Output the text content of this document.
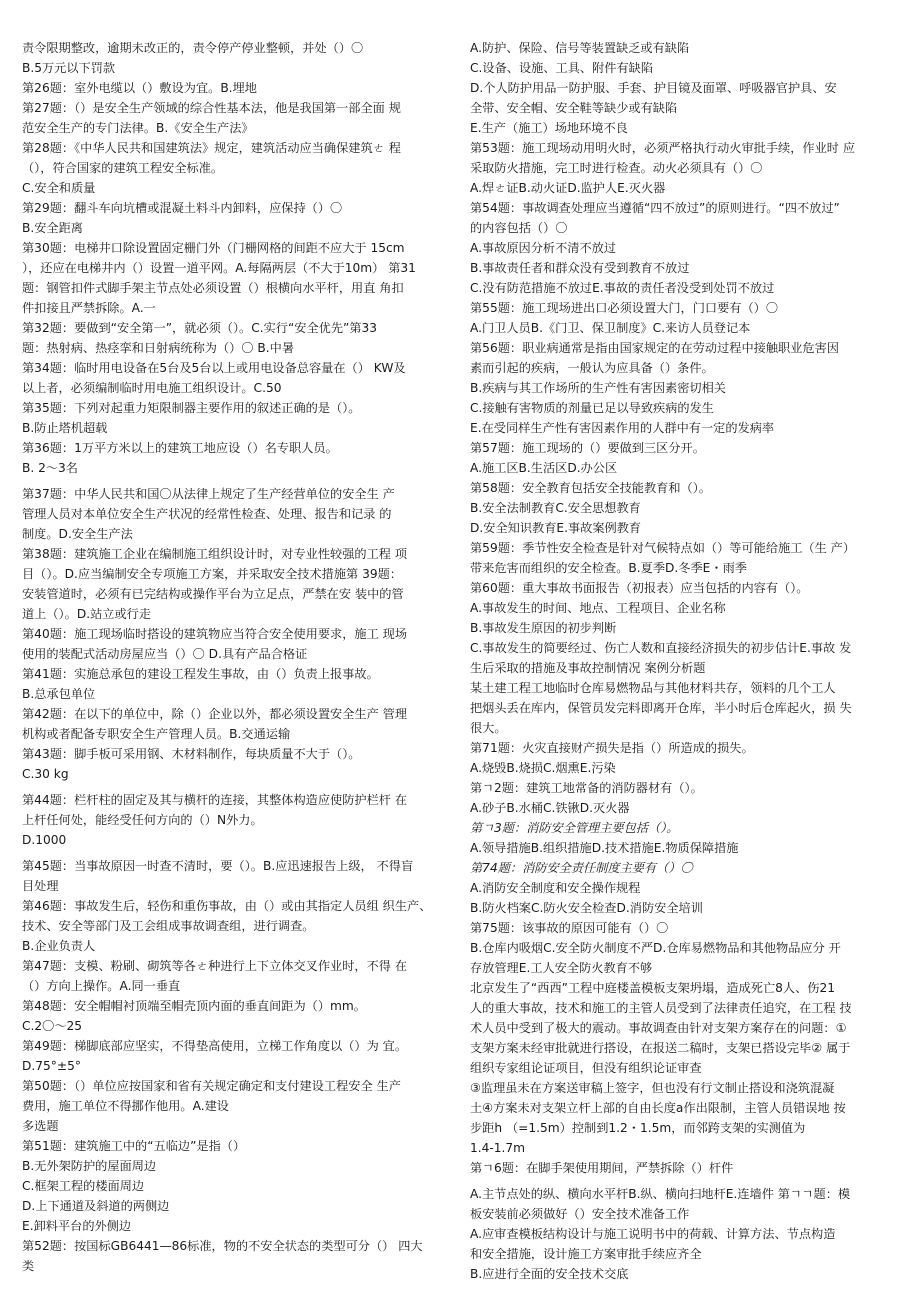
责令限期整改，逾期未改正的，责令停产停业整顿，并处（）〇
B.5万元以下罚款
第26题：室外电缆以（）敷设为宜。B.埋地
第27题：（）是安全生产领域的综合性基本法，他是我国第一部全面 规
范安全生产的专门法律。B.《安全生产法》
第28题：《中华人民共和国建筑法》规定，建筑活动应当确保建筑ㄜ 程
（），符合国家的建筑工程安全标准。
C.安全和质量
第29题：翻斗车向坑槽或混凝土料斗内卸料，应保持（）〇
B.安全距离
第30题：电梯井口除设置固定栅门外（门栅网格的间距不应大于 15cm
），还应在电梯井内（）设置一道平网。A.每隔两层（不大于10m） 第31
题：钢管扣件式脚手架主节点处必须设置（）根横向水平杆，用直 角扣
件扣接且严禁拆除。A.一
第32题：要做到“安全第一”，就必须（）。C.实行“安全优先”第33
题：热射病、热痉挛和日射病统称为（）〇 B.中暑
第34题：临时用电设备在5台及5台以上或用电设备总容量在（） KW及
以上者，必须编制临时用电施工组织设计。C.50
第35题：下列对起重力矩限制器主要作用的叙述正确的是（）。
B.防止塔机超载
第36题：1万平方米以上的建筑工地应设（）名专职人员。
B. 2～3名
第37题：中华人民共和国〇从法律上规定了生产经营单位的安全生 产
管理人员对本单位安全生产状况的经常性检查、处理、报告和记录 的
制度。D.安全生产法
第38题：建筑施工企业在编制施工组织设计时，对专业性较强的工程 项
目（）。D.应当编制安全专项施工方案，并采取安全技术措施第 39题：
安装管道时，必须有已完结构或操作平台为立足点，严禁在安 装中的管
道上（）。D.站立或行走
第40题：施工现场临时搭设的建筑物应当符合安全使用要求，施工 现场
使用的装配式活动房屋应当（）〇 D.具有产品合格证
第41题：实施总承包的建设工程发生事故，由（）负责上报事故。
B.总承包单位
第42题：在以下的单位中，除（）企业以外，都必须设置安全生产 管理
机构或者配备专职安全生产管理人员。B.交通运输
第43题：脚手板可采用钢、木材料制作，每块质量不大于（）。
C.30 kg
第44题：栏杆柱的固定及其与横杆的连接，其整体构造应使防护栏杆 在
上杆任何处，能经受任何方向的（）N外力。
D.1000
第45题：当事故原因一时查不清时，要（）。B.应迅速报告上级， 不得盲
目处理
第46题：事故发生后，轻伤和重伤事故，由（）或由其指定人员组 织生产、
技术、安全等部门及工会组成事故调查组，进行调查。
B.企业负责人
第47题：支模、粉刷、砌筑等各ㄜ种进行上下立体交叉作业时，不得 在
（）方向上操作。A.同一垂直
第48题：安全帽帽衬顶端至帽壳顶内面的垂直间距为（）mm。
C.2〇～25
第49题：梯脚底部应坚实，不得垫高使用，立梯工作角度以（）为 宜。
D.75°±5°
第50题：（）单位应按国家和省有关规定确定和支付建设工程安全 生产
费用，施工单位不得挪作他用。A.建设
多选题
第51题：建筑施工中的“五临边”是指（）
B.无外架防护的屋面周边
C.框架工程的楼面周边
D.上下通道及斜道的两侧边
E.卸料平台的外侧边
第52题：按国标GB6441—86标准，物的不安全状态的类型可分（） 四大
类
A.防护、保险、信号等装置缺乏或有缺陷
C.设备、设施、工具、附件有缺陷
D.个人防护用品一防护服、手套、护目镜及面罩、呼吸器官护具、安
全带、安全帽、安全鞋等缺少或有缺陷
E.生产（施工）场地环境不良
第53题：施工现场动用明火时，必须严格执行动火审批手续，作业时 应
采取防火措施，完工时进行检查。动火必须具有（）〇
A.焊ㄜ证B.动火证D.监护人E.灭火器
第54题：事故调查处理应当遵循“四不放过”的原则进行。“四不放过”
的内容包括（）〇
A.事故原因分析不清不放过
B.事故责任者和群众没有受到教育不放过
C.没有防范措施不放过E.事故的责任者没受到处罚不放过
第55题：施工现场进出口必须设置大门，门口要有（）〇
A.门卫人员B.《门卫、保卫制度》C.来访人员登记本
第56题：职业病通常是指由国家规定的在劳动过程中接触职业危害因
素而引起的疾病，一般认为应具备（）条件。
B.疾病与其工作场所的生产性有害因素密切相关
C.接触有害物质的剂量已足以导致疾病的发生
E.在受同样生产性有害因素作用的人群中有一定的发病率
第57题：施工现场的（）要做到三区分开。
A.施工区B.生活区D.办公区
第58题：安全教育包括安全技能教育和（）。
B.安全法制教育C.安全思想教育
D.安全知识教育E.事故案例教育
第59题：季节性安全检查是针对气候特点如（）等可能给施工（生 产）
带来危害而组织的安全检查。B.夏季D.冬季E・雨季
第60题：重大事故书面报告（初报表）应当包括的内容有（）。
A.事故发生的时间、地点、工程项目、企业名称
B.事故发生原因的初步判断
C.事故发生的简要经过、伤亡人数和直接经济损失的初步估计E.事故 发
生后采取的措施及事故控制情况 案例分析题
某土建工程工地临时仓库易燃物品与其他材料共存，领料的几个工人
把烟头丢在库内，保管员发完料即离开仓库，半小时后仓库起火，损 失
很大。
第71题：火灾直接财产损失是指（）所造成的损失。
A.烧毁B.烧损C.烟熏E.污染
第ㄱ2题：建筑工地常备的消防器材有（）。
A.砂子B.水桶C.铁锹D.灭火器
第ㄱ3题：消防安全管理主要包括（）。
A.领导措施B.组织措施D.技术措施E.物质保障措施
第74题：消防安全责任制度主要有（）〇
A.消防安全制度和安全操作规程
B.防火档案C.防火安全检查D.消防安全培训
第75题：该事故的原因可能有（）〇
B.仓库内吸烟C.安全防火制度不严D.仓库易燃物品和其他物品应分 开
存放管理E.工人安全防火教育不够
北京发生了“西西”工程中庭楼盖模板支架坍塌，造成死亡8人、伤21
人的重大事故，技术和施工的主管人员受到了法律责任追究，在工程 技
术人员中受到了极大的震动。事故调查由针对支架方案存在的问题：①
支架方案未经审批就进行搭设，在报送二稿时，支架已搭设完毕② 属于
组织专家组论证项目，但没有组织论证审查
③监理虽未在方案送审稿上签字，但也没有行文制止搭设和浇筑混凝
土④方案未对支架立杆上部的自由长度a作出限制，主管人员错误地 按
步距h （=1.5m）控制到1.2・1.5m，而邻跨支架的实测值为
1.4-1.7m
第ㄱ6题：在脚手架使用期间，严禁拆除（）杆件
A.主节点处的纵、横向水平杆B.纵、横向扫地杆E.连墙件 第ㄱㄱ题：模
板安装前必须做好（）安全技术准备工作
A.应审查模板结构设计与施工说明书中的荷载、计算方法、节点构造
和安全措施，设计施工方案审批手续应齐全
B.应进行全面的安全技术交底
